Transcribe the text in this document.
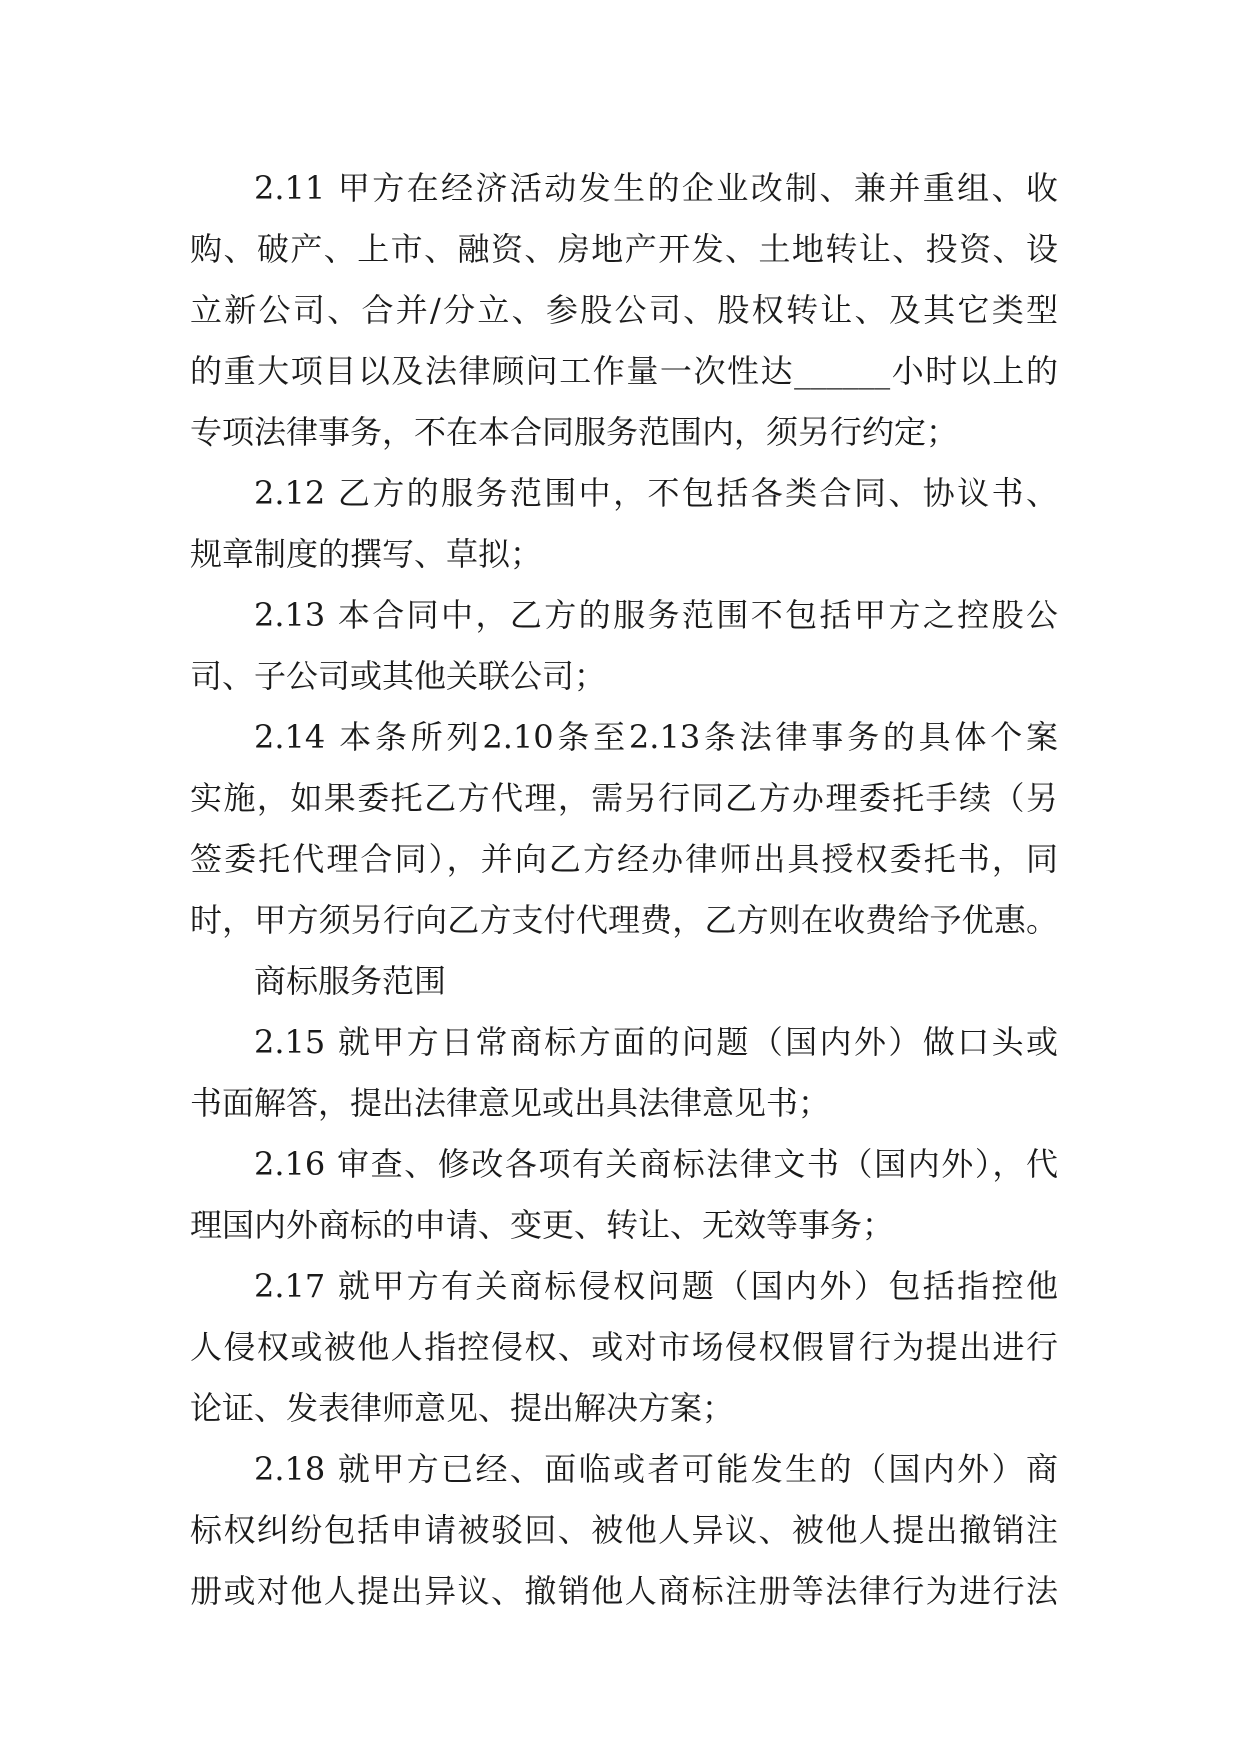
2.11 甲方在经济活动发生的企业改制、兼并重组、收
购、破产、上市、融资、房地产开发、土地转让、投资、设
立新公司、合并/分立、参股公司、股权转让、及其它类型
的重大项目以及法律顾问工作量一次性达______小时以上的
专项法律事务，不在本合同服务范围内，须另行约定；
2.12 乙方的服务范围中，不包括各类合同、协议书、
规章制度的撰写、草拟；
2.13 本合同中，乙方的服务范围不包括甲方之控股公
司、子公司或其他关联公司；
2.14 本条所列2.10条至2.13条法律事务的具体个案
实施，如果委托乙方代理，需另行同乙方办理委托手续（另
签委托代理合同），并向乙方经办律师出具授权委托书，同
时，甲方须另行向乙方支付代理费，乙方则在收费给予优惠。
商标服务范围
2.15 就甲方日常商标方面的问题（国内外）做口头或
书面解答，提出法律意见或出具法律意见书；
2.16 审查、修改各项有关商标法律文书（国内外），代
理国内外商标的申请、变更、转让、无效等事务；
2.17 就甲方有关商标侵权问题（国内外）包括指控他
人侵权或被他人指控侵权、或对市场侵权假冒行为提出进行
论证、发表律师意见、提出解决方案；
2.18 就甲方已经、面临或者可能发生的（国内外）商
标权纠纷包括申请被驳回、被他人异议、被他人提出撤销注
册或对他人提出异议、撤销他人商标注册等法律行为进行法
